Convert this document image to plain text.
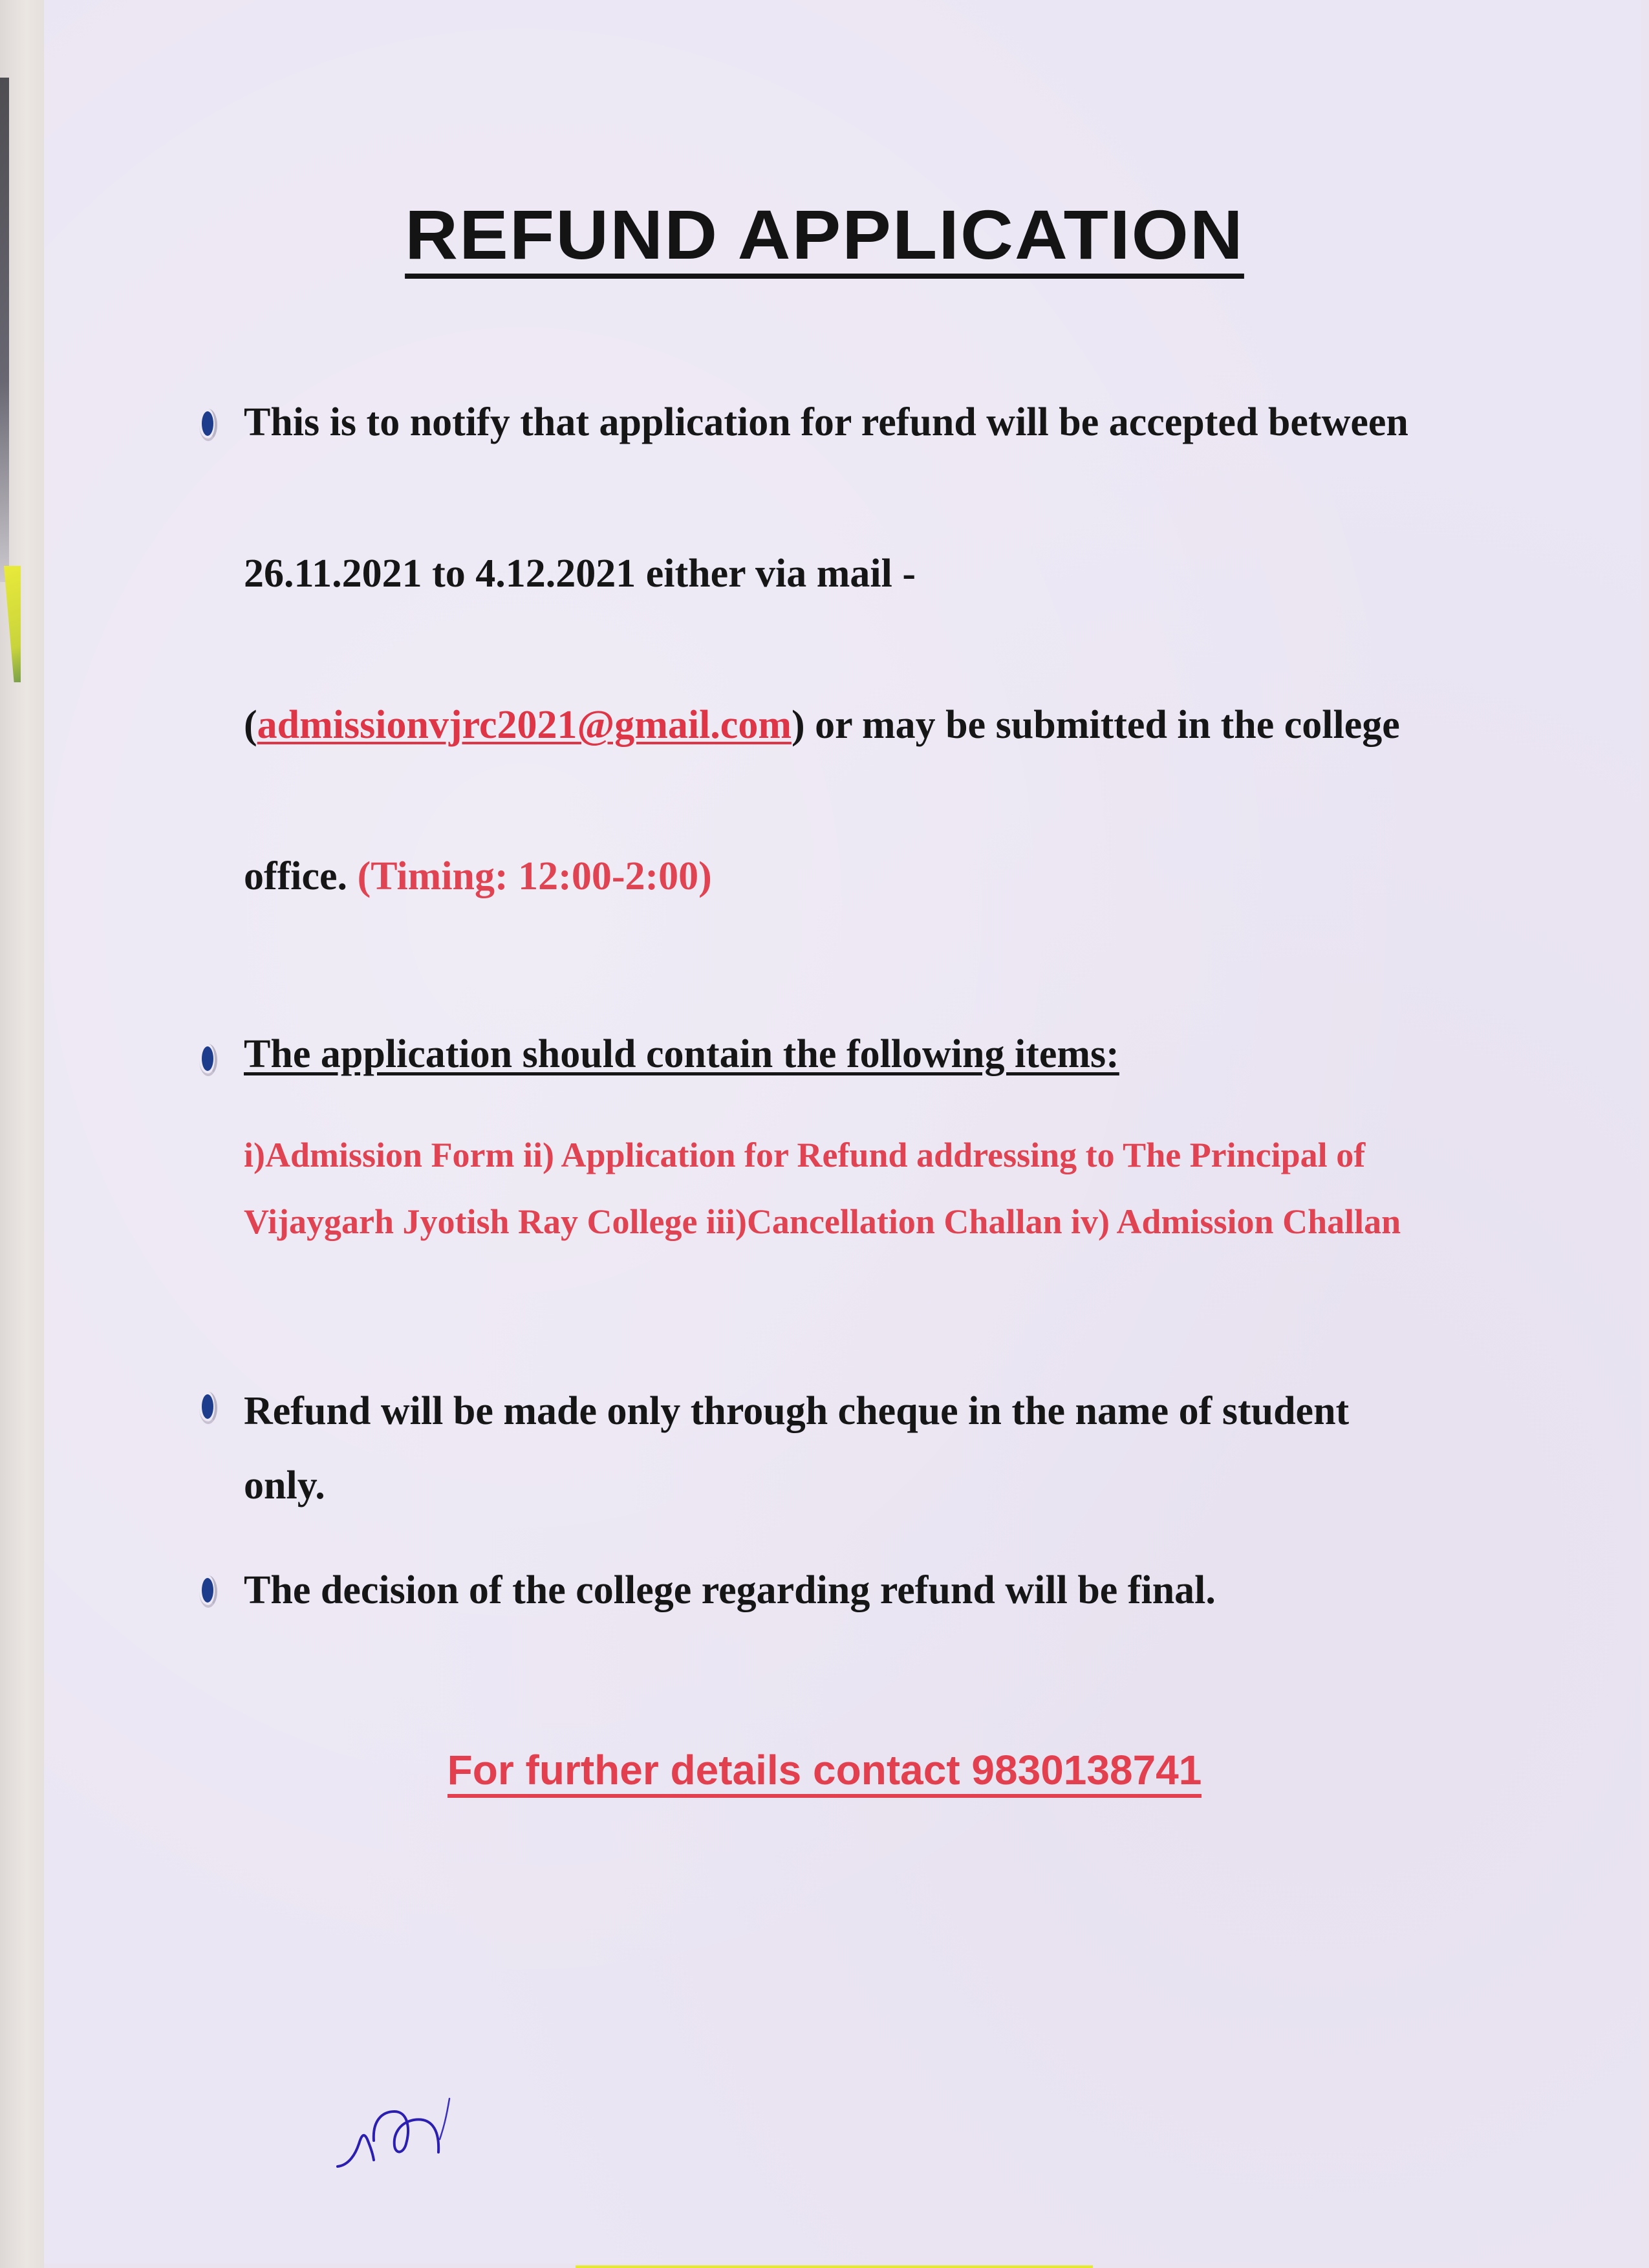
REFUND APPLICATION
This is to notify that application for refund will be accepted between
26.11.2021 to 4.12.2021 either via mail -
(admissionvjrc2021@gmail.com) or may be submitted in the college
office. (Timing: 12:00-2:00)
The application should contain the following items:
i)Admission Form ii) Application for Refund addressing to The Principal of
Vijaygarh Jyotish Ray College iii)Cancellation Challan iv) Admission Challan
Refund will be made only through cheque in the name of student
only.
The decision of the college regarding refund will be final.
For further details contact 9830138741
